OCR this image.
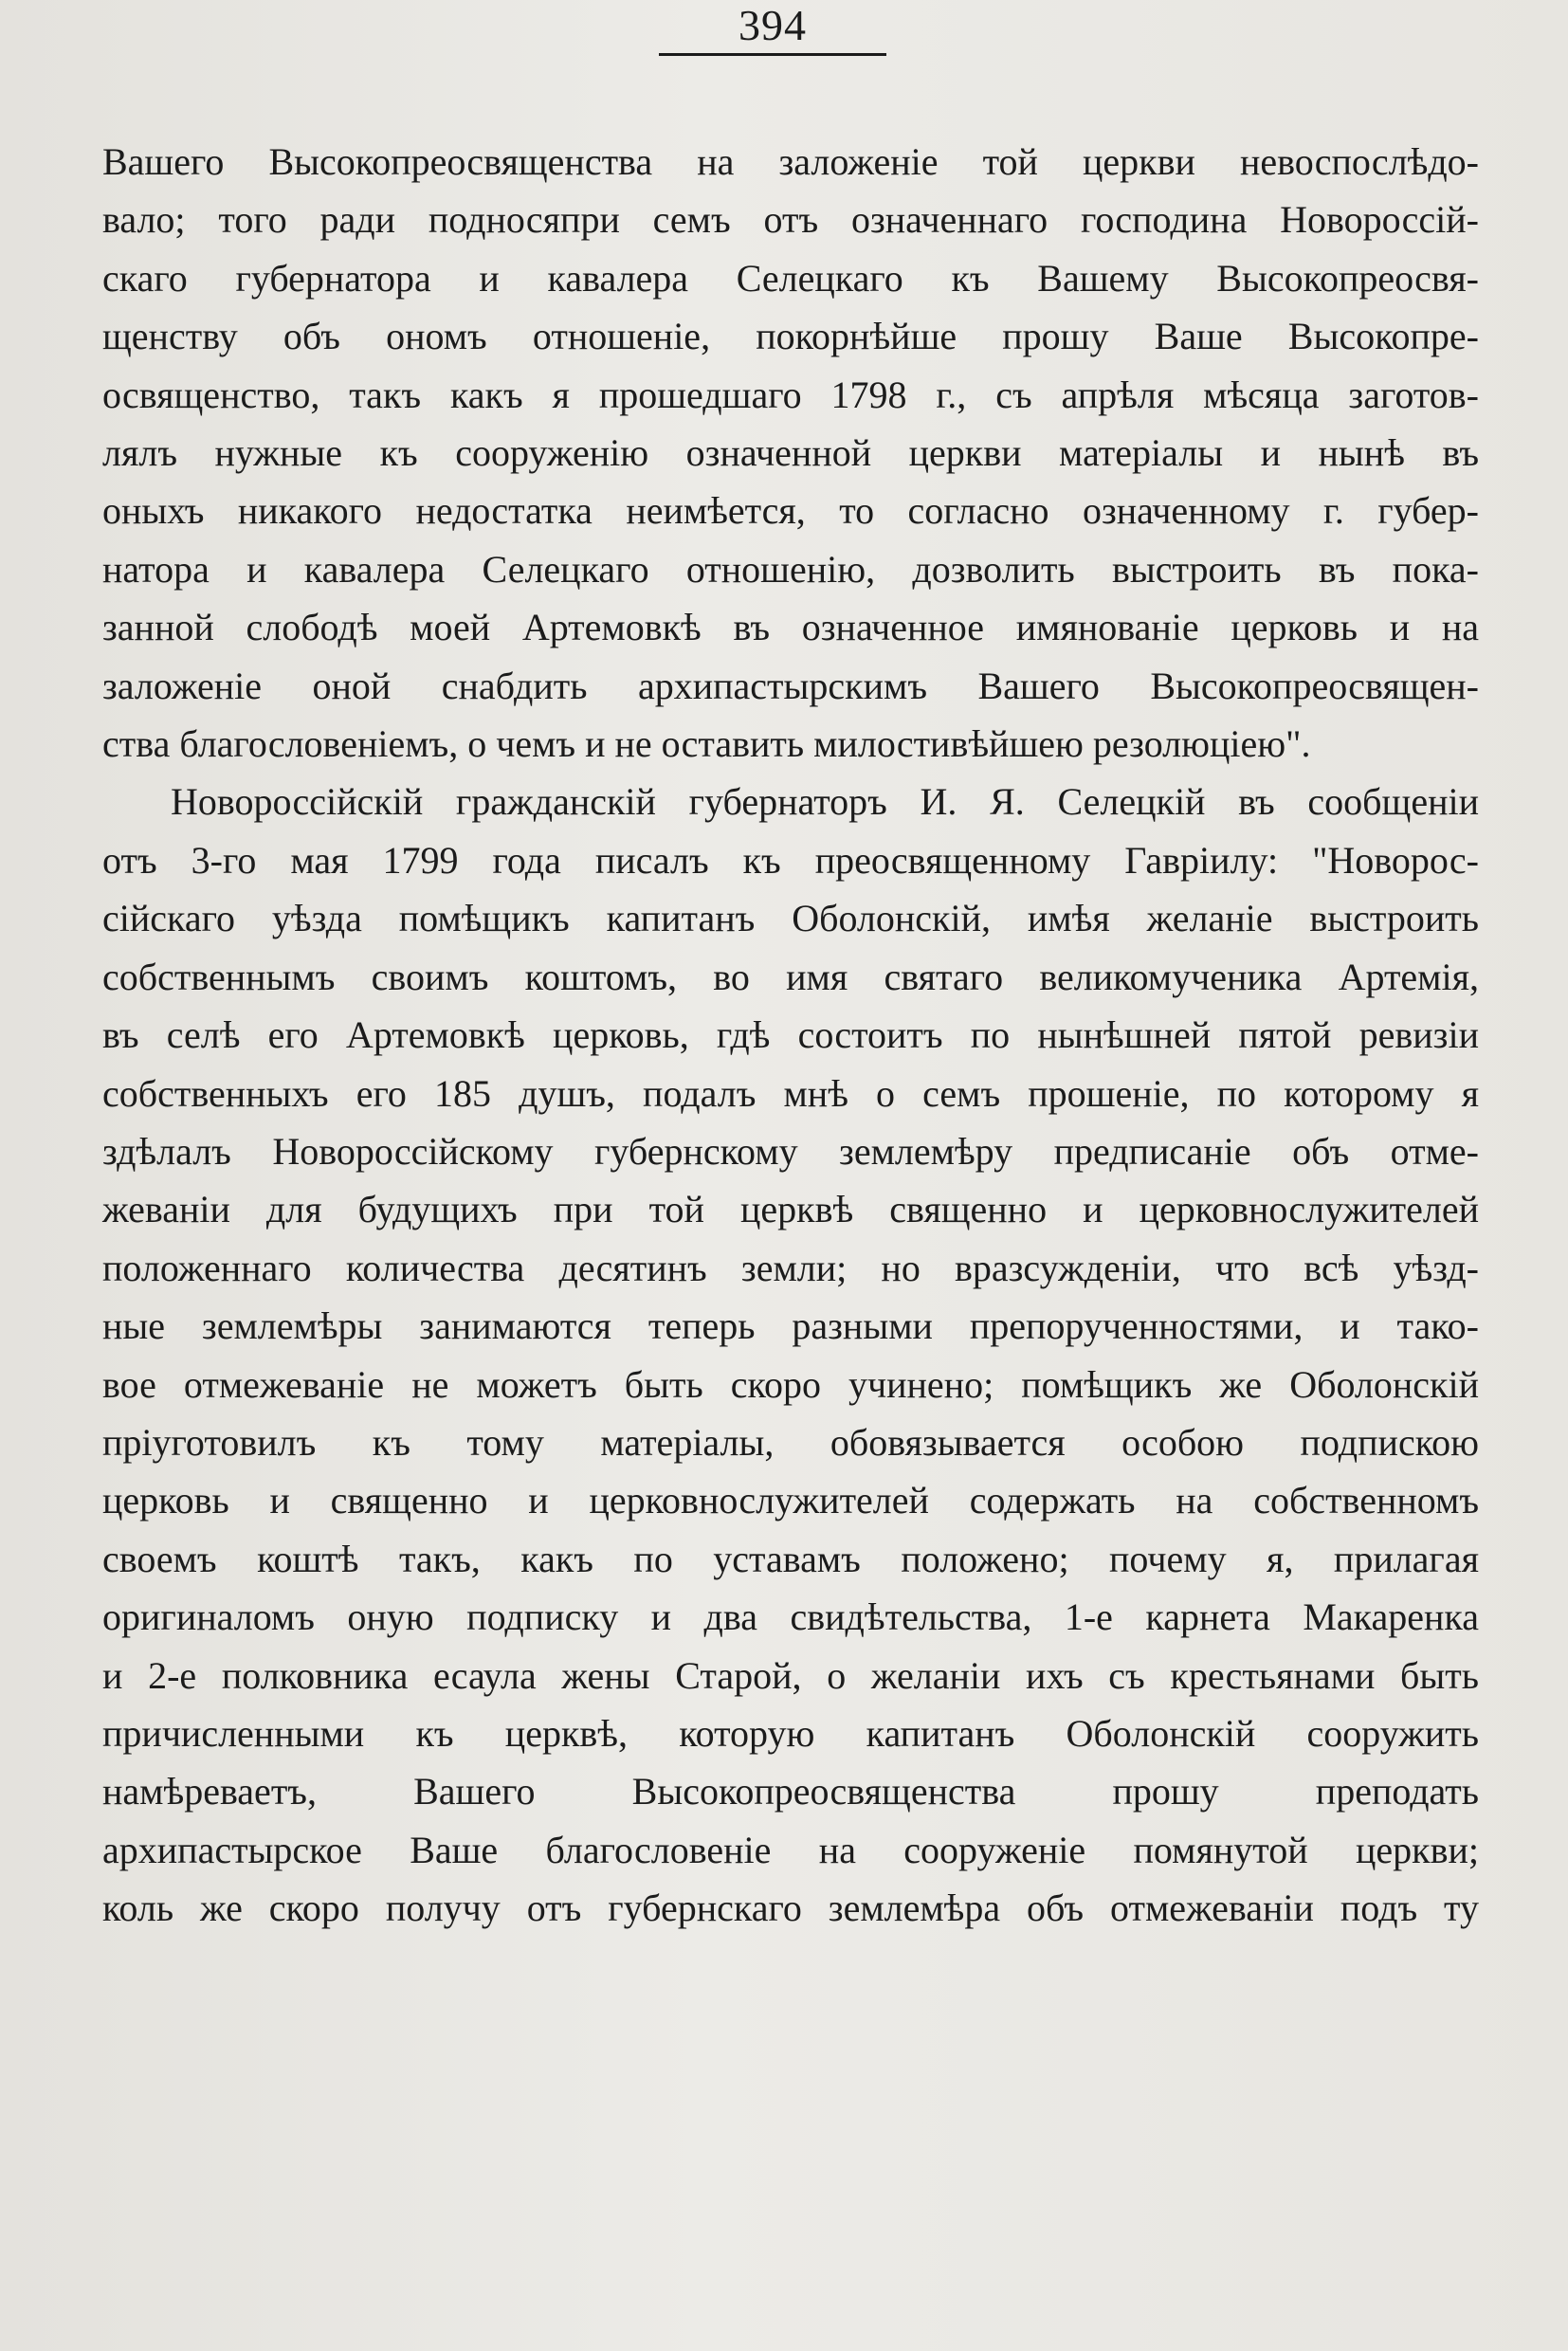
394
Вашего Высокопреосвященства на заложеніе той церкви невоспослѣдо-
вало; того ради подносяпри семъ отъ означеннаго господина Новороссій-
скаго губернатора и кавалера Селецкаго къ Вашему Высокопреосвя-
щенству объ ономъ отношеніе, покорнѣйше прошу Ваше Высокопре-
освященство, такъ какъ я прошедшаго 1798 г., съ апрѣля мѣсяца заготов-
лялъ нужные къ сооруженію означенной церкви матеріалы и нынѣ въ
оныхъ никакого недостатка неимѣется, то согласно означенному г. губер-
натора и кавалера Селецкаго отношенію, дозволить выстроить въ пока-
занной слободѣ моей Артемовкѣ въ означенное имянованіе церковь и на
заложеніе оной снабдить архипастырскимъ Вашего Высокопреосвящен-
ства благословеніемъ, о чемъ и не оставить милостивѣйшею резолюціею".
Новороссійскій гражданскій губернаторъ И. Я. Селецкій въ сообщеніи
отъ 3-го мая 1799 года писалъ къ преосвященному Гавріилу: "Новорос-
сійскаго уѣзда помѣщикъ капитанъ Оболонскій, имѣя желаніе выстроить
собственнымъ своимъ коштомъ, во имя святаго великомученика Артемія,
въ селѣ его Артемовкѣ церковь, гдѣ состоитъ по нынѣшней пятой ревизіи
собственныхъ его 185 душъ, подалъ мнѣ о семъ прошеніе, по которому я
здѣлалъ Новороссійскому губернскому землемѣру предписаніе объ отме-
жеваніи для будущихъ при той церквѣ священно и церковнослужителей
положеннаго количества десятинъ земли; но вразсужденіи, что всѣ уѣзд-
ные землемѣры занимаются теперь разными препорученностями, и тако-
вое отмежеваніе не можетъ быть скоро учинено; помѣщикъ же Оболонскій
пріуготовилъ къ тому матеріалы, обовязывается особою подпискою
церковь и священно и церковнослужителей содержать на собственномъ
своемъ коштѣ такъ, какъ по уставамъ положено; почему я, прилагая
оригиналомъ оную подписку и два свидѣтельства, 1-е карнета Макаренка
и 2-е полковника есаула жены Старой, о желаніи ихъ съ крестьянами быть
причисленными къ церквѣ, которую капитанъ Оболонскій сооружить
намѣреваетъ, Вашего Высокопреосвященства прошу преподать
архипастырское Ваше благословеніе на сооруженіе помянутой церкви;
коль же скоро получу отъ губернскаго землемѣра объ отмежеваніи подъ ту
